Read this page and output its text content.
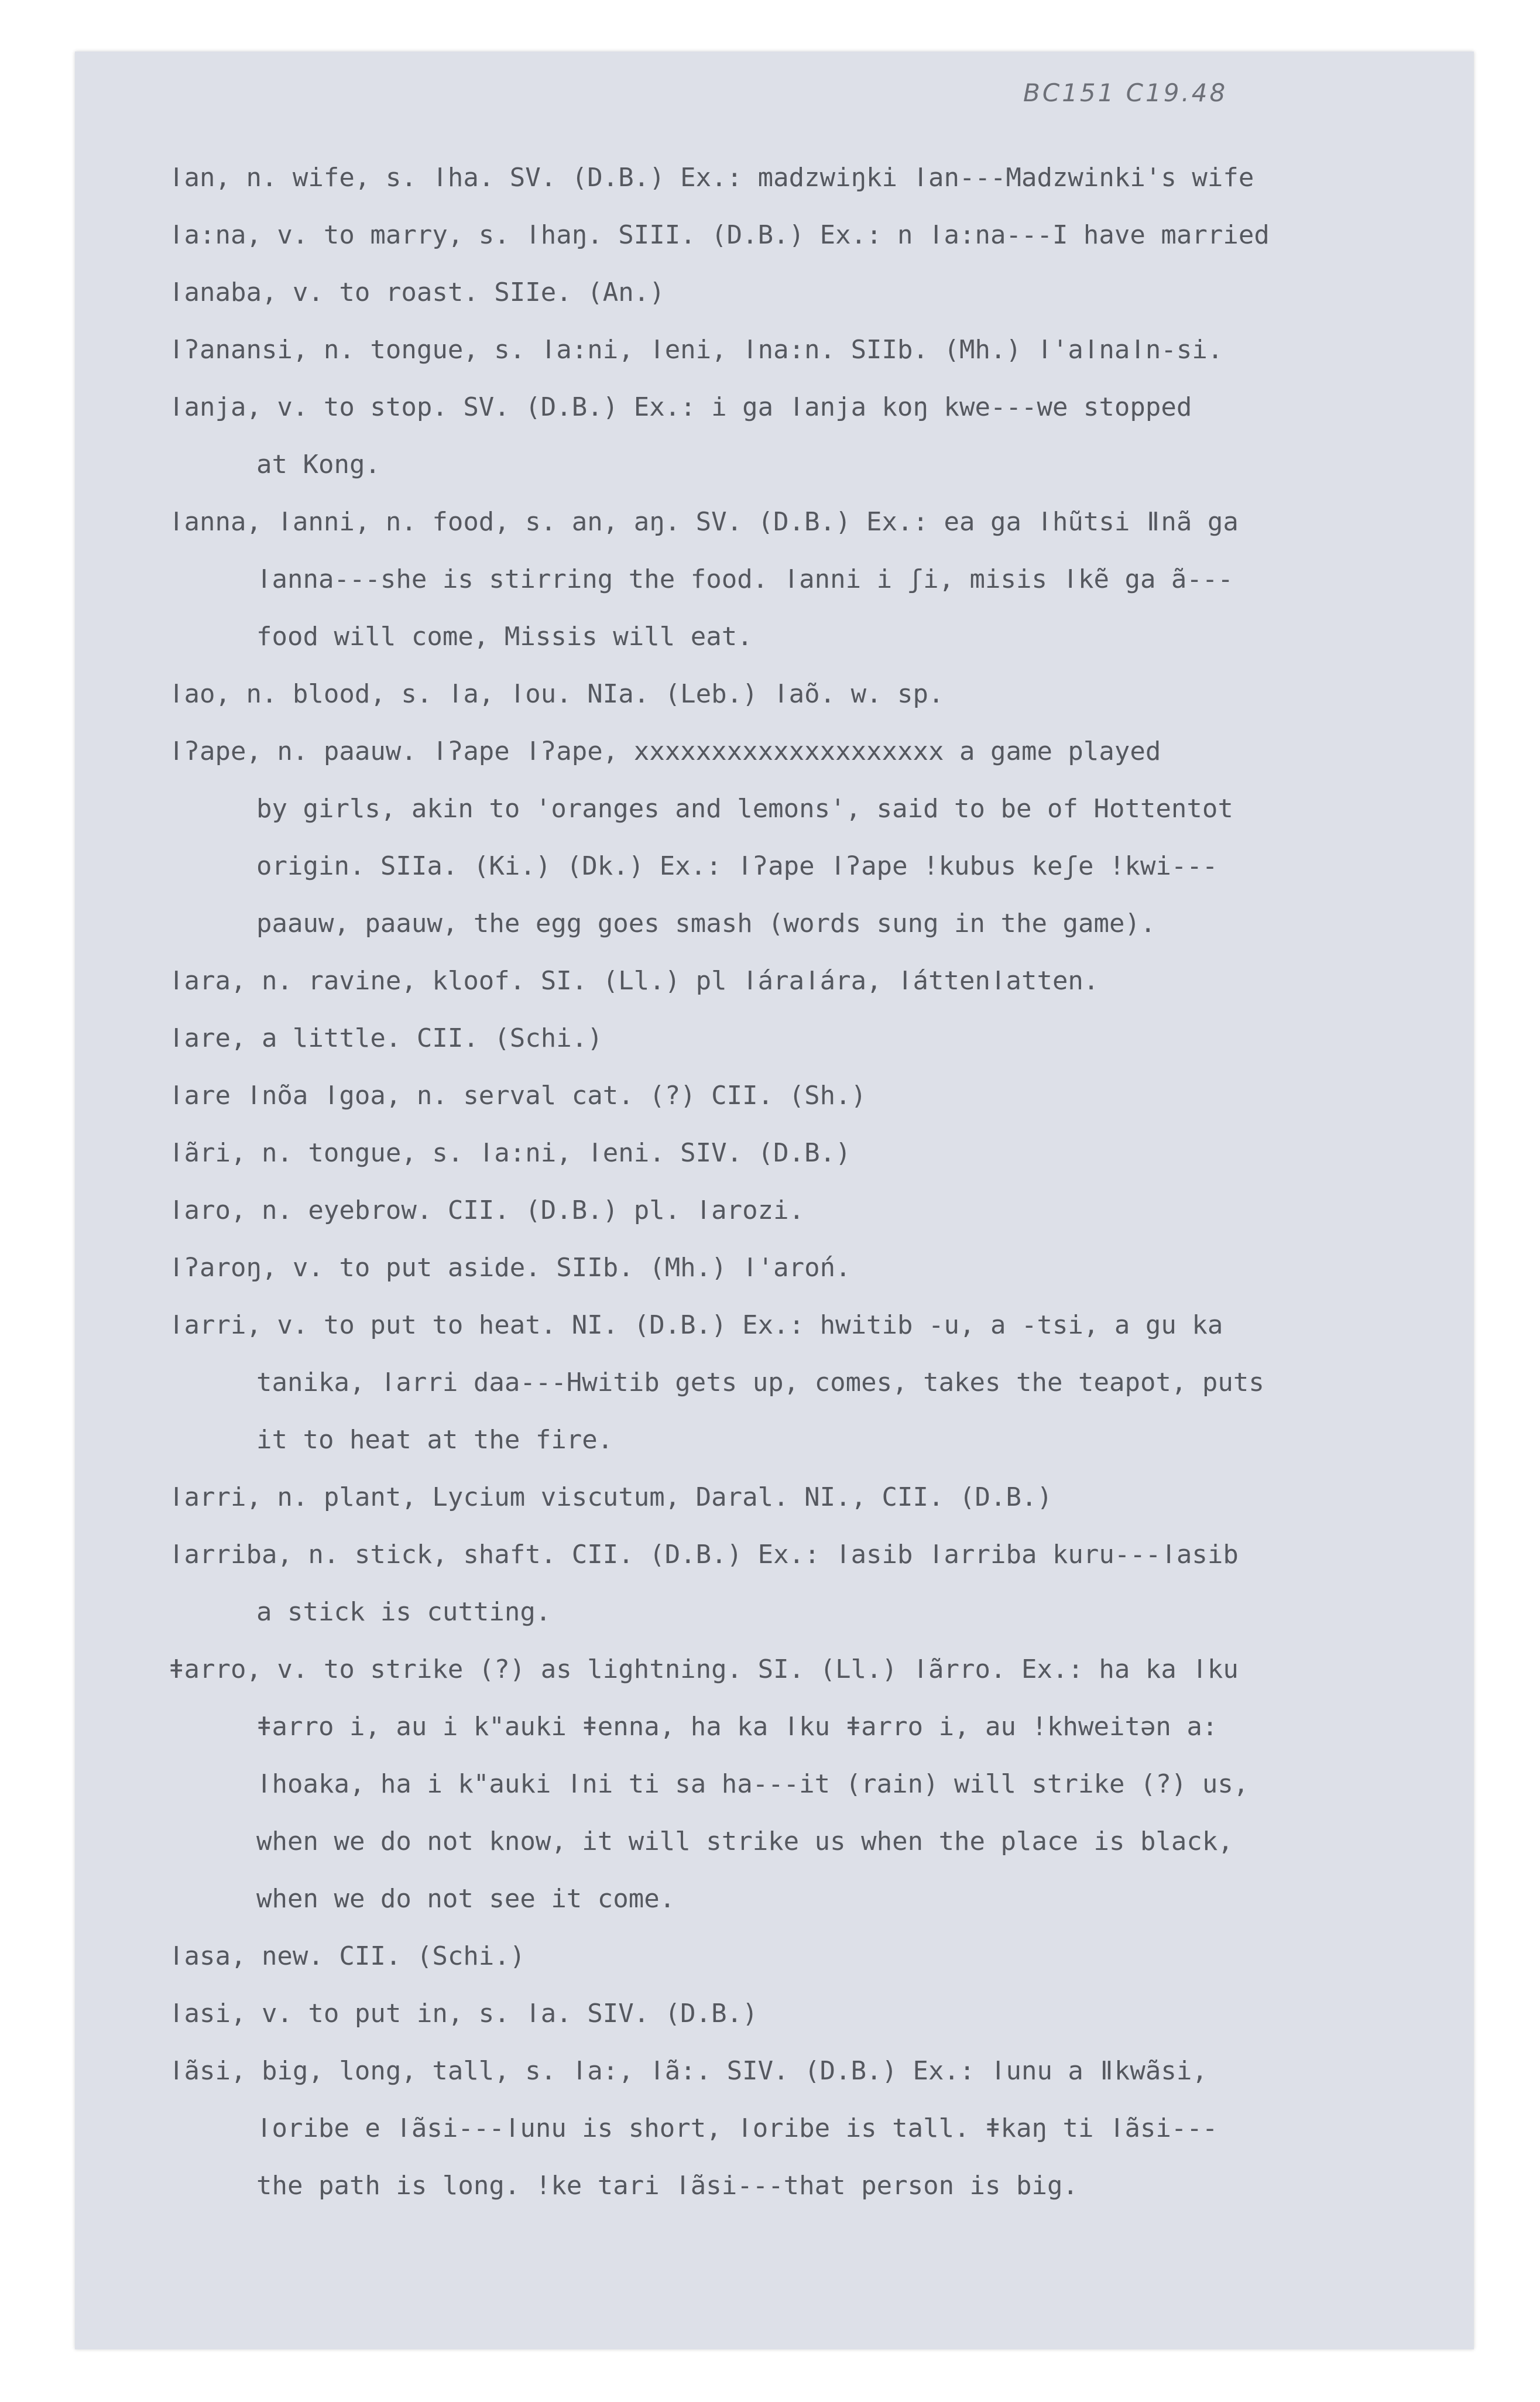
BC151 C19.48
ǀan, n. wife, s. ǀha. SV. (D.B.) Ex.: madzwiŋki ǀan---Madzwinki's wife
ǀa:na, v. to marry, s. ǀhaŋ. SIII. (D.B.) Ex.: n ǀa:na---I have married
ǀanaba, v. to roast. SIIe. (An.)
ǀʔanansi, n. tongue, s. ǀa:ni, ǀeni, ǀna:n. SIIb. (Mh.) ǀ'aǀnaǀn-si.
ǀanja, v. to stop. SV. (D.B.) Ex.: i ga ǀanja koŋ kwe---we stopped
at Kong.
ǀanna, ǀanni, n. food, s. an, aŋ. SV. (D.B.) Ex.: ea ga ǀhũtsi ǁnã ga
ǀanna---she is stirring the food. ǀanni i ʃi, misis ǀkẽ ga ã---
food will come, Missis will eat.
ǀao, n. blood, s. ǀa, ǀou. NIa. (Leb.) ǀaõ. w. sp.
ǀʔape, n. paauw. ǀʔape ǀʔape, xxxxxxxxxxxxxxxxxxxx a game played
by girls, akin to 'oranges and lemons', said to be of Hottentot
origin. SIIa. (Ki.) (Dk.) Ex.: ǀʔape ǀʔape ǃkubus keʃe ǃkwi---
paauw, paauw, the egg goes smash (words sung in the game).
ǀara, n. ravine, kloof. SI. (Ll.) pl ǀáraǀára, ǀáttenǀatten.
ǀare, a little. CII. (Schi.)
ǀare ǀnõa ǀgoa, n. serval cat. (?) CII. (Sh.)
ǀãri, n. tongue, s. ǀa:ni, ǀeni. SIV. (D.B.)
ǀaro, n. eyebrow. CII. (D.B.) pl. ǀarozi.
ǀʔaroŋ, v. to put aside. SIIb. (Mh.) ǀ'aroń.
ǀarri, v. to put to heat. NI. (D.B.) Ex.: hwitib -u, a -tsi, a gu ka
tanika, ǀarri daa---Hwitib gets up, comes, takes the teapot, puts
it to heat at the fire.
ǀarri, n. plant, Lycium viscutum, Daral. NI., CII. (D.B.)
ǀarriba, n. stick, shaft. CII. (D.B.) Ex.: ǀasib ǀarriba kuru---ǀasib
a stick is cutting.
ǂarro, v. to strike (?) as lightning. SI. (Ll.) ǀãrro. Ex.: ha ka ǀku
ǂarro i, au i k"auki ǂenna, ha ka ǀku ǂarro i, au ǃkhweitən a:
ǀhoaka, ha i k"auki ǀni ti sa ha---it (rain) will strike (?) us,
when we do not know, it will strike us when the place is black,
when we do not see it come.
ǀasa, new. CII. (Schi.)
ǀasi, v. to put in, s. ǀa. SIV. (D.B.)
ǀãsi, big, long, tall, s. ǀa:, ǀã:. SIV. (D.B.) Ex.: ǀunu a ǁkwãsi,
ǀoribe e ǀãsi---ǀunu is short, ǀoribe is tall. ǂkaŋ ti ǀãsi---
the path is long. ǃke tari ǀãsi---that person is big.
